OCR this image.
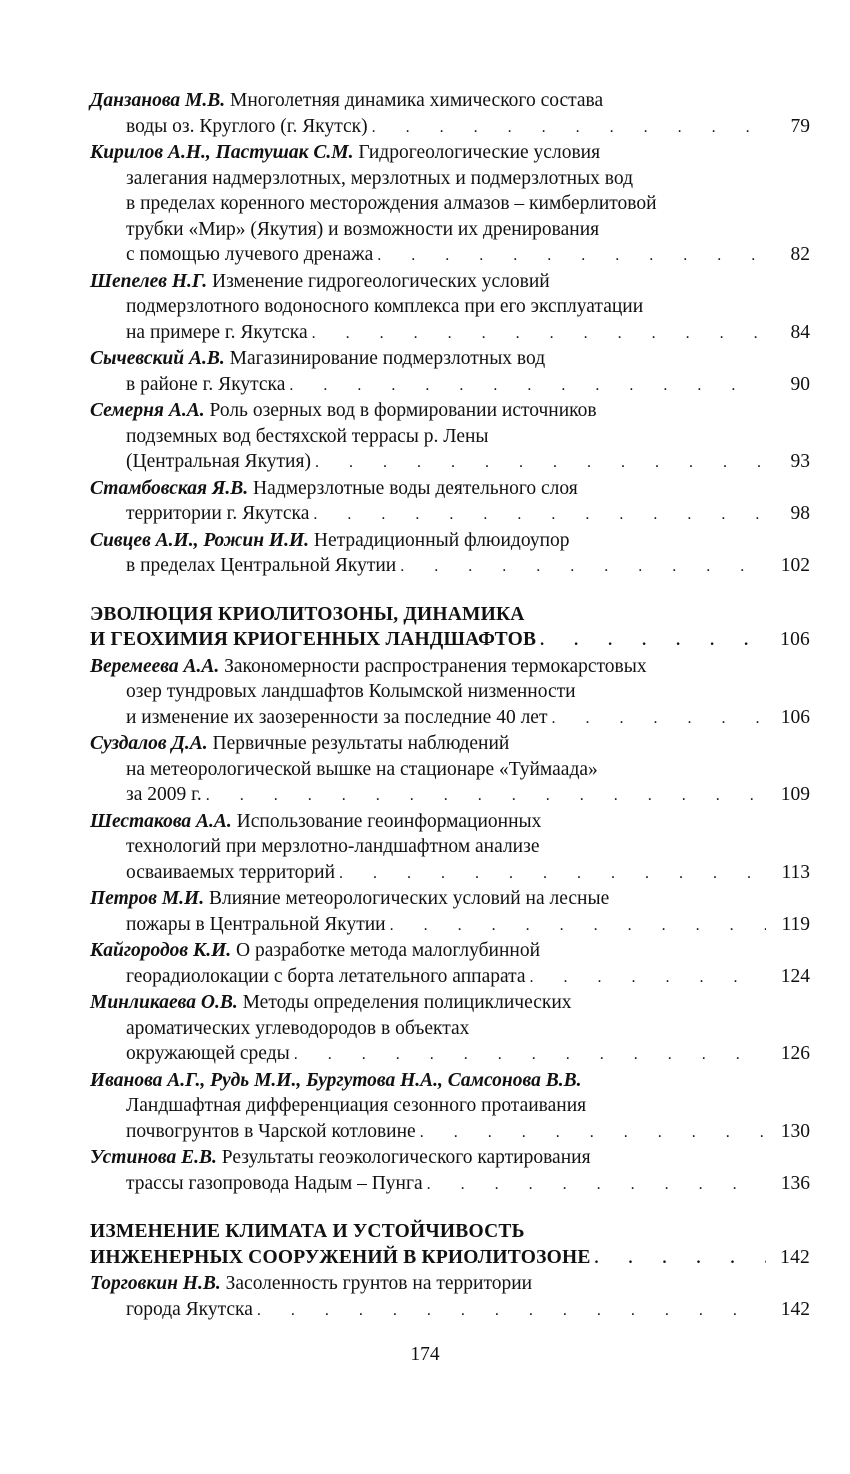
Данзанова М.В. Многолетняя динамика химического состава
воды оз. Круглого (г. Якутск) . . .	79
Кирилов А.Н., Пастушак С.М. Гидрогеологические условия
залегания надмерзлотных, мерзлотных и подмерзлотных вод
в пределах коренного месторождения алмазов – кимберлитовой
трубки «Мир» (Якутия) и возможности их дренирования
с помощью лучевого дренажа . . .	82
Шепелев Н.Г. Изменение гидрогеологических условий
подмерзлотного водоносного комплекса при его эксплуатации
на примере г. Якутска . . .	84
Сычевский А.В. Магазинирование подмерзлотных вод
в районе г. Якутска . . .	90
Семерня А.А. Роль озерных вод в формировании источников
подземных вод бестяхской террасы р. Лены
(Центральная Якутия) . . .	93
Стамбовская Я.В. Надмерзлотные воды деятельного слоя
территории г. Якутска . . .	98
Сивцев А.И., Рожин И.И. Нетрадиционный флюидоупор
в пределах Центральной Якутии . . .	102
ЭВОЛЮЦИЯ КРИОЛИТОЗОНЫ, ДИНАМИКА
И ГЕОХИМИЯ КРИОГЕННЫХ ЛАНДШАФТОВ . . .	106
Веремеева А.А. Закономерности распространения термокарстовых
озер тундровых ландшафтов Колымской низменности
и изменение их заозеренности за последние 40 лет . . .	106
Суздалов Д.А. Первичные результаты наблюдений
на метеорологической вышке на стационаре «Туймаада»
за 2009 г. . . .	109
Шестакова А.А. Использование геоинформационных
технологий при мерзлотно-ландшафтном анализе
осваиваемых территорий . . .	113
Петров М.И. Влияние метеорологических условий на лесные
пожары в Центральной Якутии . . .	119
Кайгородов К.И. О разработке метода малоглубинной
георадиолокации с борта летательного аппарата . . .	124
Минликаева О.В. Методы определения полициклических
ароматических углеводородов в объектах
окружающей среды . . .	126
Иванова А.Г., Рудь М.И., Бургутова Н.А., Самсонова В.В.
Ландшафтная дифференциация сезонного протаивания
почвогрунтов в Чарской котловине . . .	130
Устинова Е.В. Результаты геоэкологического картирования
трассы газопровода Надым – Пунга . . .	136
ИЗМЕНЕНИЕ КЛИМАТА И УСТОЙЧИВОСТЬ
ИНЖЕНЕРНЫХ СООРУЖЕНИЙ В КРИОЛИТОЗОНЕ . . .	142
Торговкин Н.В. Засоленность грунтов на территории
города Якутска . . .	142
174
